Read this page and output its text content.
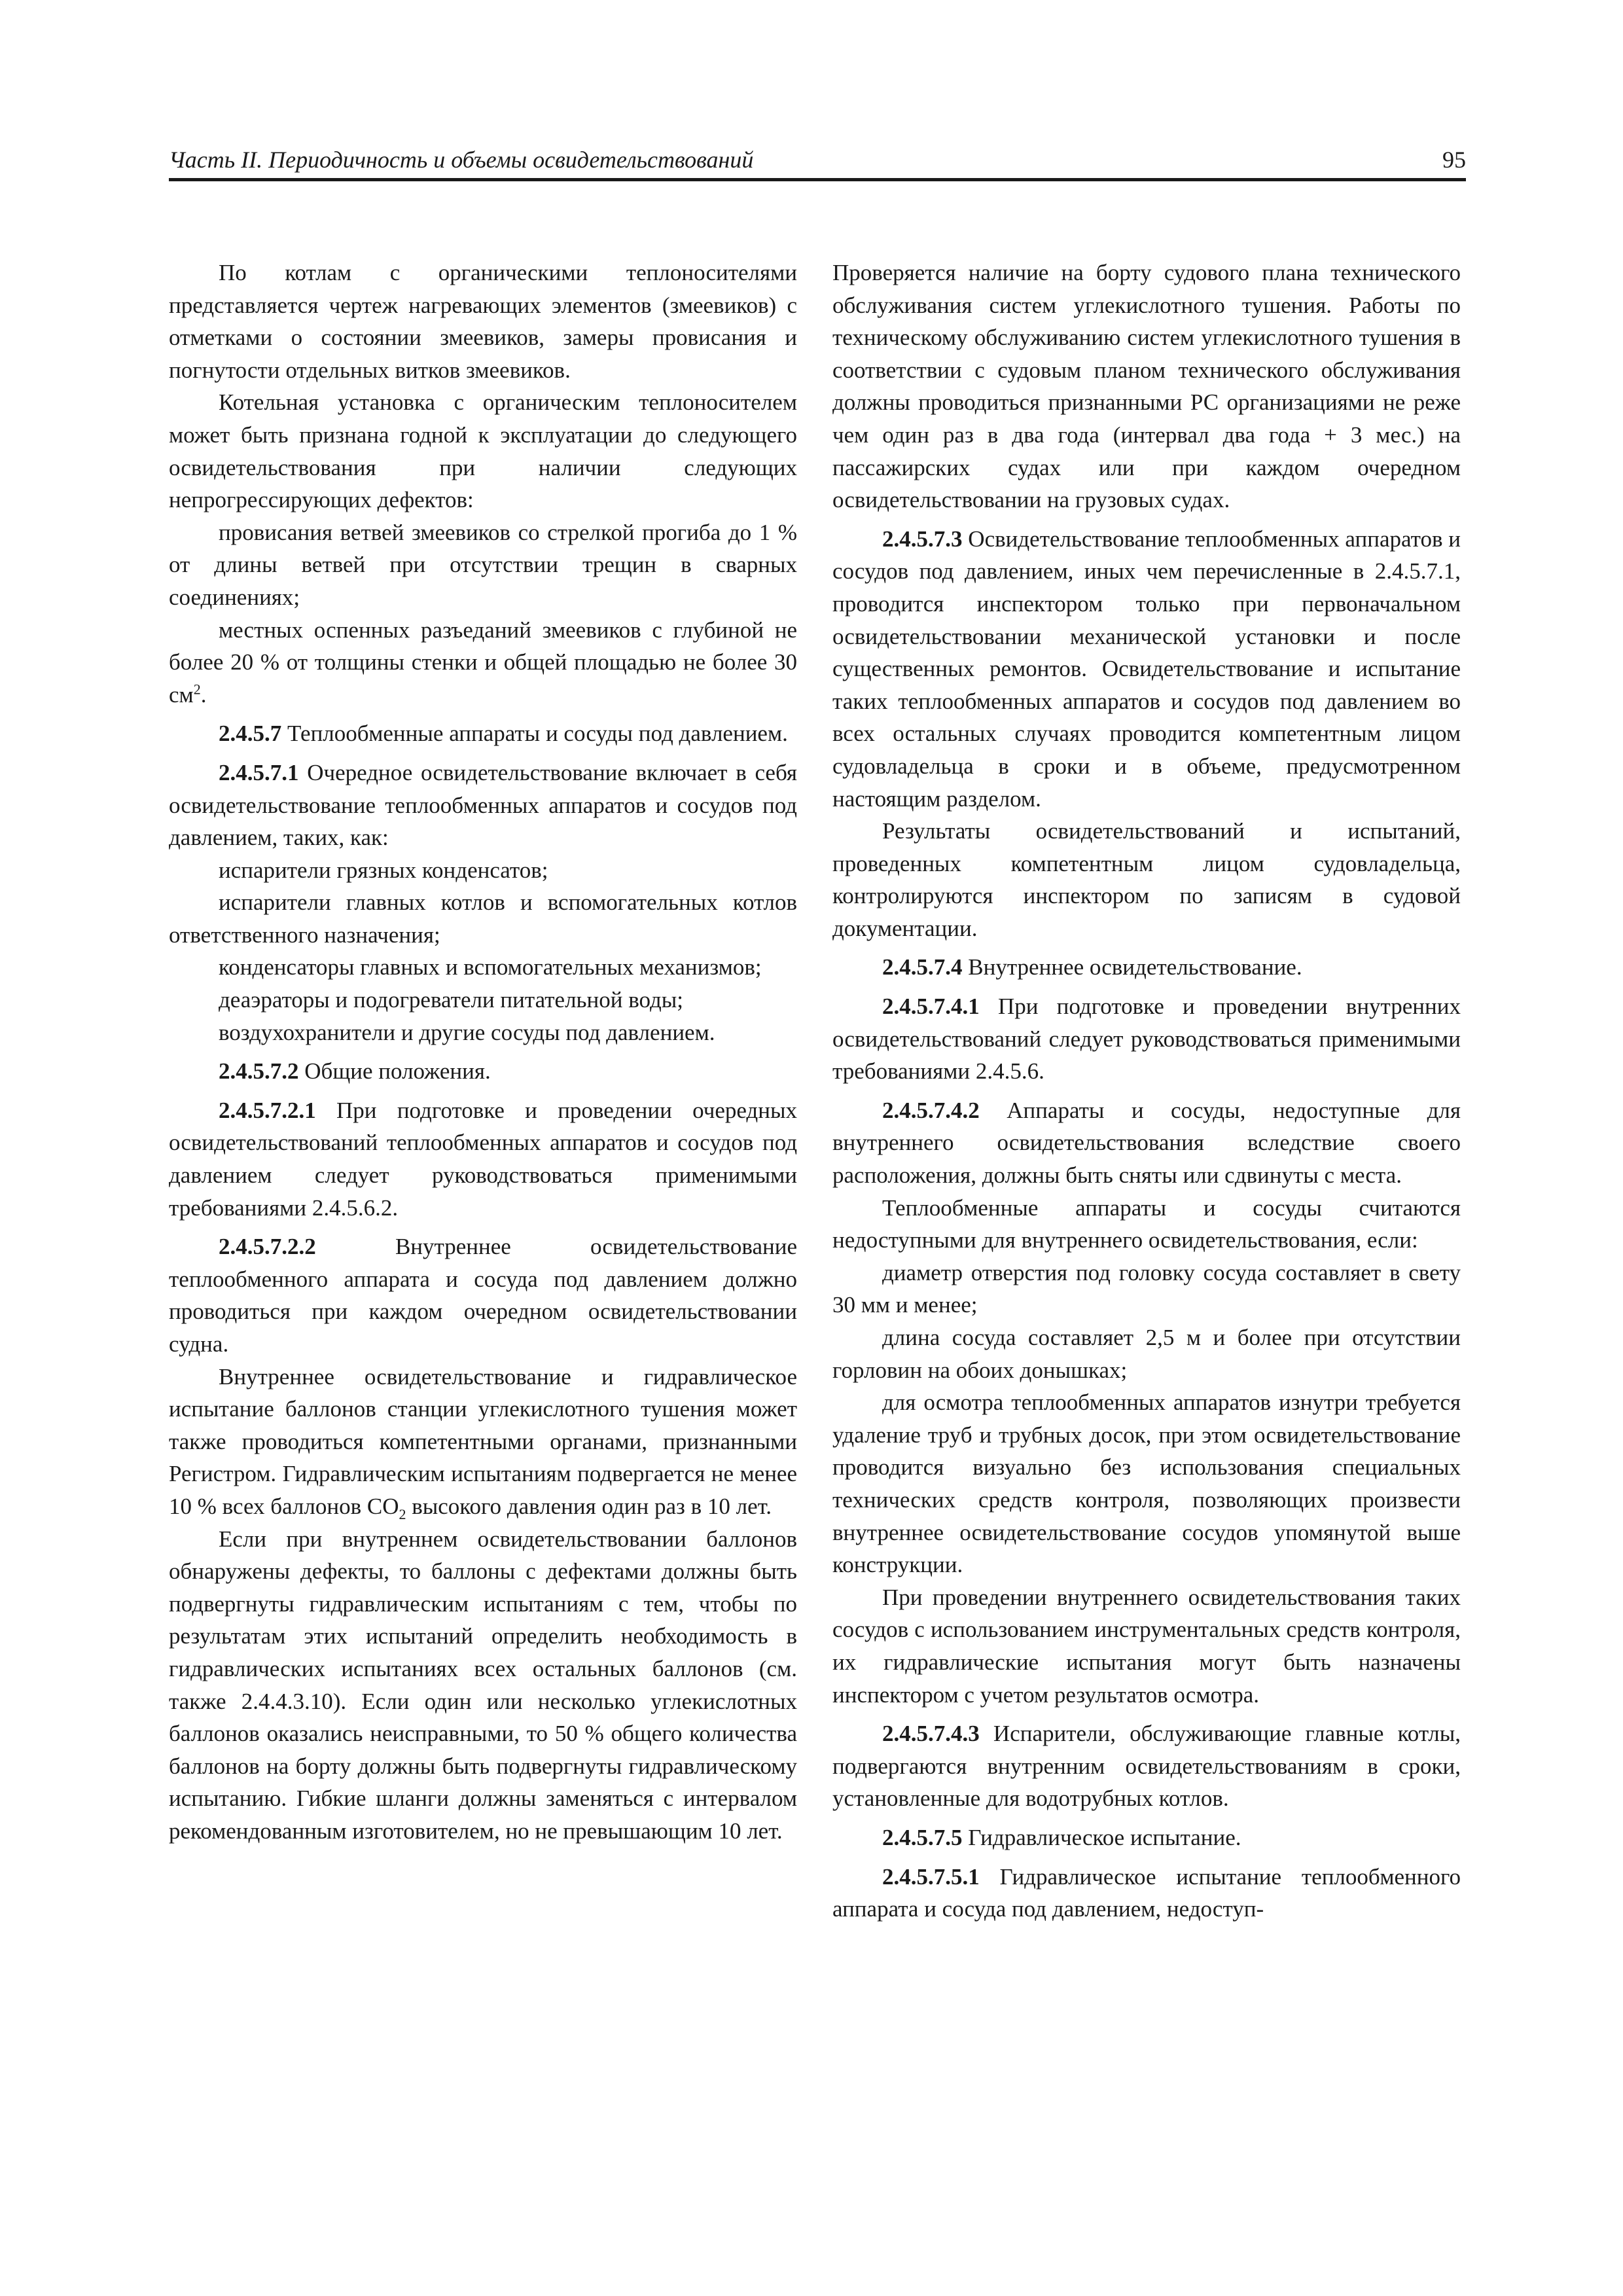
Часть II. Периодичность и объемы освидетельствований	95

По котлам с органическими теплоносителями представляется чертеж нагревающих элементов (змеевиков) с отметками о состоянии змеевиков, замеры провисания и погнутости отдельных витков змеевиков.

Котельная установка с органическим теплоносителем может быть признана годной к эксплуатации до следующего освидетельствования при наличии следующих непрогрессирующих дефектов:

провисания ветвей змеевиков со стрелкой прогиба до 1 % от длины ветвей при отсутствии трещин в сварных соединениях;

местных оспенных разъеданий змеевиков с глубиной не более 20 % от толщины стенки и общей площадью не более 30 $см^2$.

2.4.5.7 Теплообменные аппараты и сосуды под давлением.

2.4.5.7.1 Очередное освидетельствование включает в себя освидетельствование теплообменных аппаратов и сосудов под давлением, таких, как:

испарители грязных конденсатов;

испарители главных котлов и вспомогательных котлов ответственного назначения;

конденсаторы главных и вспомогательных механизмов;

деаэраторы и подогреватели питательной воды;

воздухохранители и другие сосуды под давлением.

2.4.5.7.2 Общие положения.

2.4.5.7.2.1 При подготовке и проведении очередных освидетельствований теплообменных аппаратов и сосудов под давлением следует руководствоваться применимыми требованиями 2.4.5.6.2.

2.4.5.7.2.2 Внутреннее освидетельствование теплообменного аппарата и сосуда под давлением должно проводиться при каждом очередном освидетельствовании судна.

Внутреннее освидетельствование и гидравлическое испытание баллонов станции углекислотного тушения может также проводиться компетентными органами, признанными Регистром. Гидравлическим испытаниям подвергается не менее 10 % всех баллонов $CO_2$ высокого давления один раз в 10 лет.

Если при внутреннем освидетельствовании баллонов обнаружены дефекты, то баллоны с дефектами должны быть подвергнуты гидравлическим испытаниям с тем, чтобы по результатам этих испытаний определить необходимость в гидравлических испытаниях всех остальных баллонов (см. также 2.4.4.3.10). Если один или несколько углекислотных баллонов оказались неисправными, то 50 % общего количества баллонов на борту должны быть подвергнуты гидравлическому испытанию. Гибкие шланги должны заменяться с интервалом рекомендованным изготовителем, но не превышающим 10 лет.

Проверяется наличие на борту судового плана технического обслуживания систем углекислотного тушения. Работы по техническому обслуживанию систем углекислотного тушения в соответствии с судовым планом технического обслуживания должны проводиться признанными РС организациями не реже чем один раз в два года (интервал два года + 3 мес.) на пассажирских судах или при каждом очередном освидетельствовании на грузовых судах.

2.4.5.7.3 Освидетельствование теплообменных аппаратов и сосудов под давлением, иных чем перечисленные в 2.4.5.7.1, проводится инспектором только при первоначальном освидетельствовании механической установки и после существенных ремонтов. Освидетельствование и испытание таких теплообменных аппаратов и сосудов под давлением во всех остальных случаях проводится компетентным лицом судовладельца в сроки и в объеме, предусмотренном настоящим разделом.

Результаты освидетельствований и испытаний, проведенных компетентным лицом судовладельца, контролируются инспектором по записям в судовой документации.

2.4.5.7.4 Внутреннее освидетельствование.

2.4.5.7.4.1 При подготовке и проведении внутренних освидетельствований следует руководствоваться применимыми требованиями 2.4.5.6.

2.4.5.7.4.2 Аппараты и сосуды, недоступные для внутреннего освидетельствования вследствие своего расположения, должны быть сняты или сдвинуты с места.

Теплообменные аппараты и сосуды считаются недоступными для внутреннего освидетельствования, если:

диаметр отверстия под головку сосуда составляет в свету 30 мм и менее;

длина сосуда составляет 2,5 м и более при отсутствии горловин на обоих донышках;

для осмотра теплообменных аппаратов изнутри требуется удаление труб и трубных досок, при этом освидетельствование проводится визуально без использования специальных технических средств контроля, позволяющих произвести внутреннее освидетельствование сосудов упомянутой выше конструкции.

При проведении внутреннего освидетельствования таких сосудов с использованием инструментальных средств контроля, их гидравлические испытания могут быть назначены инспектором с учетом результатов осмотра.

2.4.5.7.4.3 Испарители, обслуживающие главные котлы, подвергаются внутренним освидетельствованиям в сроки, установленные для водотрубных котлов.

2.4.5.7.5 Гидравлическое испытание.

2.4.5.7.5.1 Гидравлическое испытание теплообменного аппарата и сосуда под давлением, недоступ-
